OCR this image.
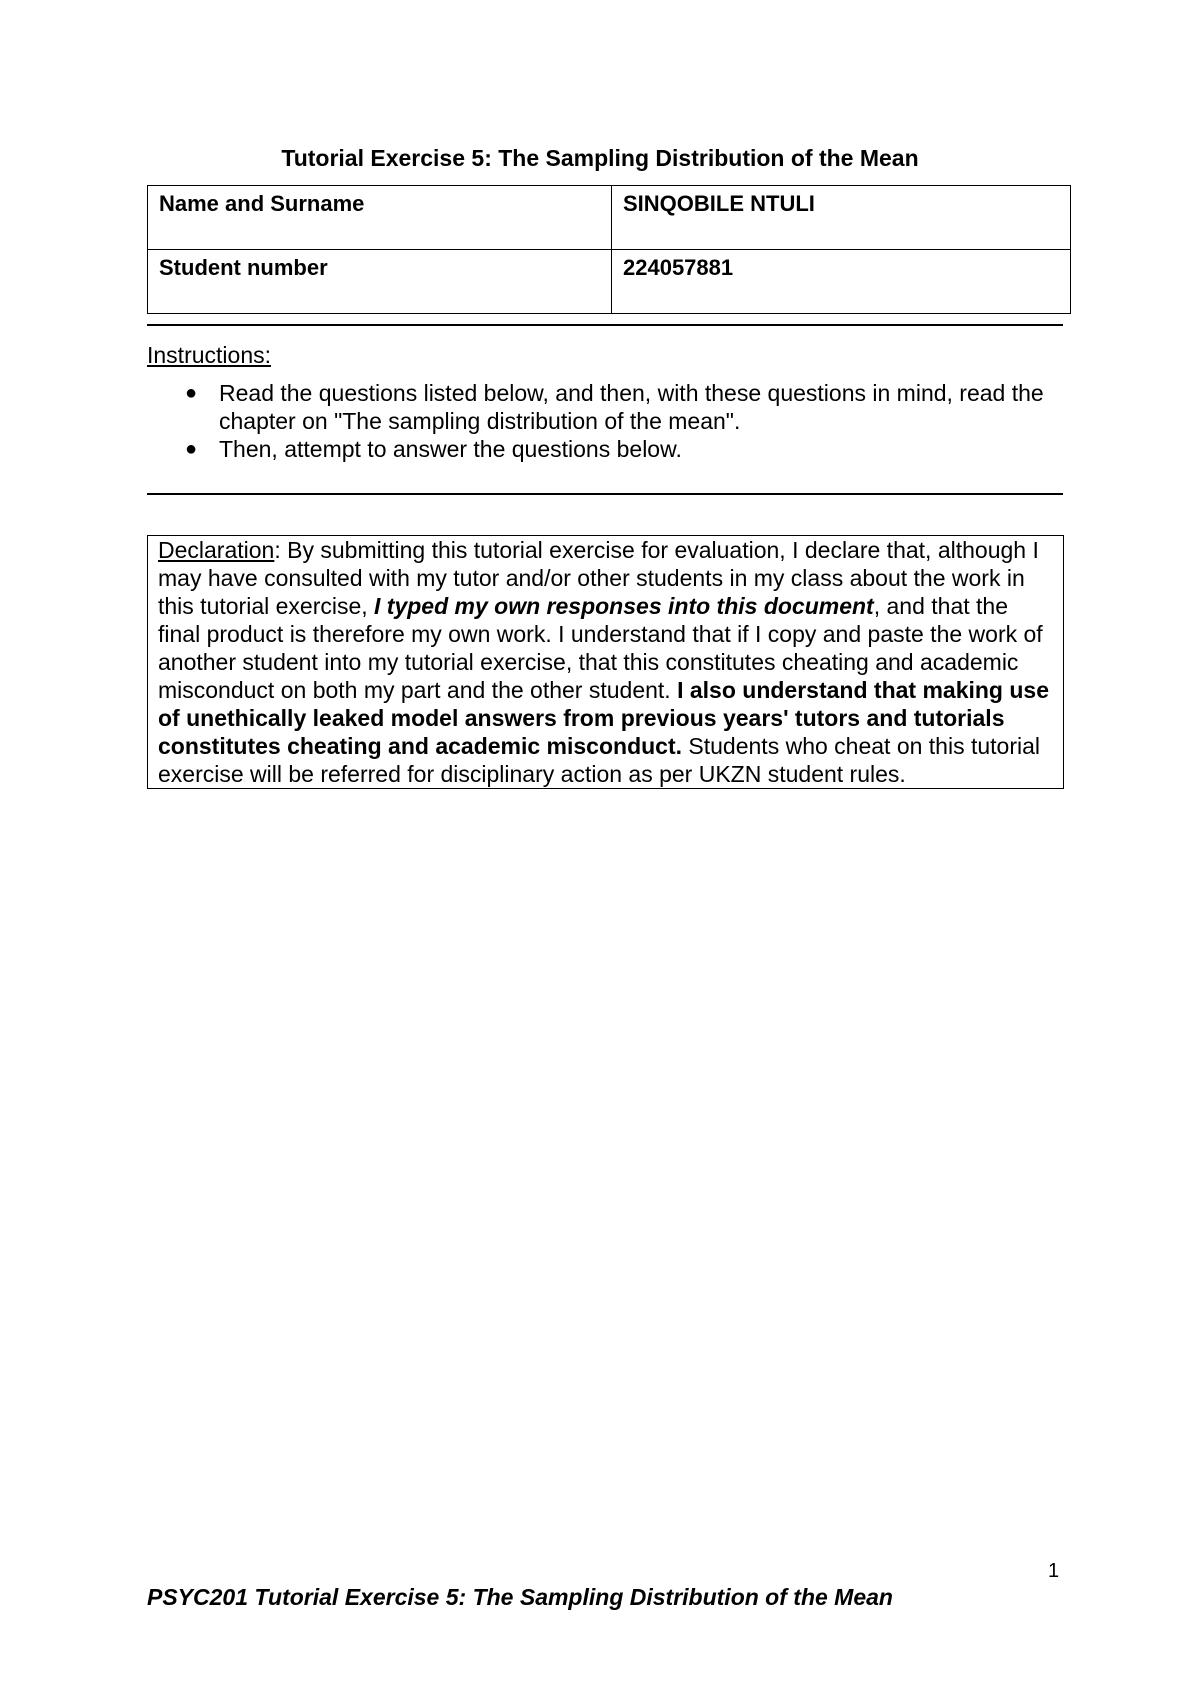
Tutorial Exercise 5: The Sampling Distribution of the Mean
Name and Surname	SINQOBILE NTULI
Student number	224057881
Instructions:
● Read the questions listed below, and then, with these questions in mind, read the chapter on "The sampling distribution of the mean".
● Then, attempt to answer the questions below.
Declaration: By submitting this tutorial exercise for evaluation, I declare that, although I may have consulted with my tutor and/or other students in my class about the work in this tutorial exercise, I typed my own responses into this document, and that the final product is therefore my own work. I understand that if I copy and paste the work of another student into my tutorial exercise, that this constitutes cheating and academic misconduct on both my part and the other student. I also understand that making use of unethically leaked model answers from previous years' tutors and tutorials constitutes cheating and academic misconduct. Students who cheat on this tutorial exercise will be referred for disciplinary action as per UKZN student rules.
1
PSYC201 Tutorial Exercise 5: The Sampling Distribution of the Mean
